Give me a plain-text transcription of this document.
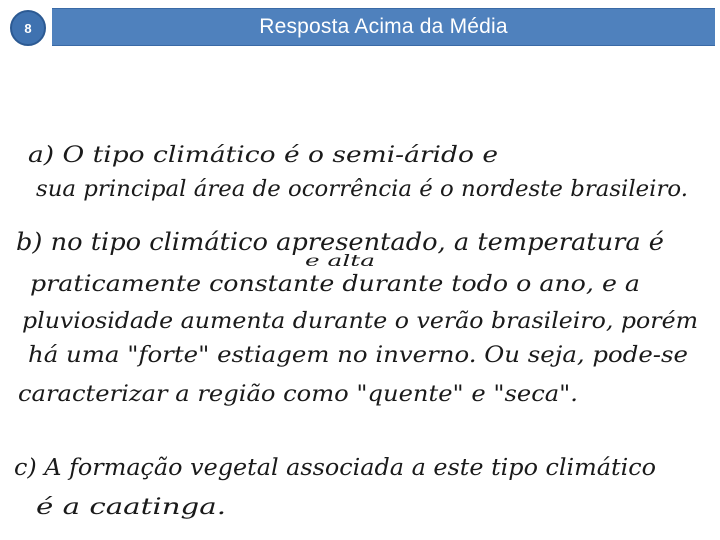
8	Resposta Acima da Média
a) O tipo climático é o semi-árido e
sua principal área de ocorrência é o nordeste brasileiro.
b) no tipo climático apresentado, a temperatura é
e alta
praticamente constante durante todo o ano, e a
pluviosidade aumenta durante o verão brasileiro, porém
há uma "forte" estiagem no inverno. Ou seja, pode-se
caracterizar a região como "quente" e "seca".
c) A formação vegetal associada a este tipo climático
é a caatinga.
